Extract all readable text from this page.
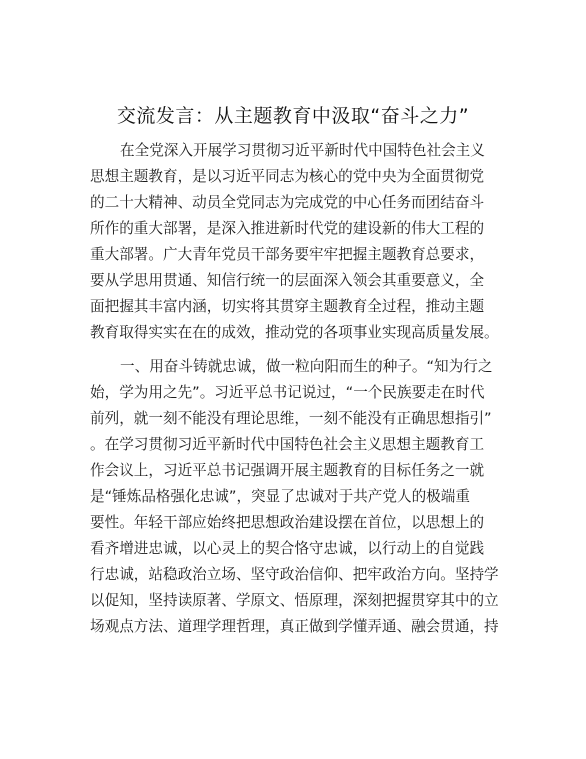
交流发言：从主题教育中汲取“奋斗之力”
在全党深入开展学习贯彻习近平新时代中国特色社会主义
思想主题教育，是以习近平同志为核心的党中央为全面贯彻党
的二十大精神、动员全党同志为完成党的中心任务而团结奋斗
所作的重大部署，是深入推进新时代党的建设新的伟大工程的
重大部署。广大青年党员干部务要牢牢把握主题教育总要求，
要从学思用贯通、知信行统一的层面深入领会其重要意义，全
面把握其丰富内涵，切实将其贯穿主题教育全过程，推动主题
教育取得实实在在的成效，推动党的各项事业实现高质量发展。
一、用奋斗铸就忠诚，做一粒向阳而生的种子。“知为行之
始，学为用之先”。习近平总书记说过，“一个民族要走在时代
前列，就一刻不能没有理论思维，一刻不能没有正确思想指引”
。在学习贯彻习近平新时代中国特色社会主义思想主题教育工
作会议上，习近平总书记强调开展主题教育的目标任务之一就
是“锤炼品格强化忠诚”，突显了忠诚对于共产党人的极端重
要性。年轻干部应始终把思想政治建设摆在首位，以思想上的
看齐增进忠诚，以心灵上的契合恪守忠诚，以行动上的自觉践
行忠诚，站稳政治立场、坚守政治信仰、把牢政治方向。坚持学
以促知，坚持读原著、学原文、悟原理，深刻把握贯穿其中的立
场观点方法、道理学理哲理，真正做到学懂弄通、融会贯通，持
